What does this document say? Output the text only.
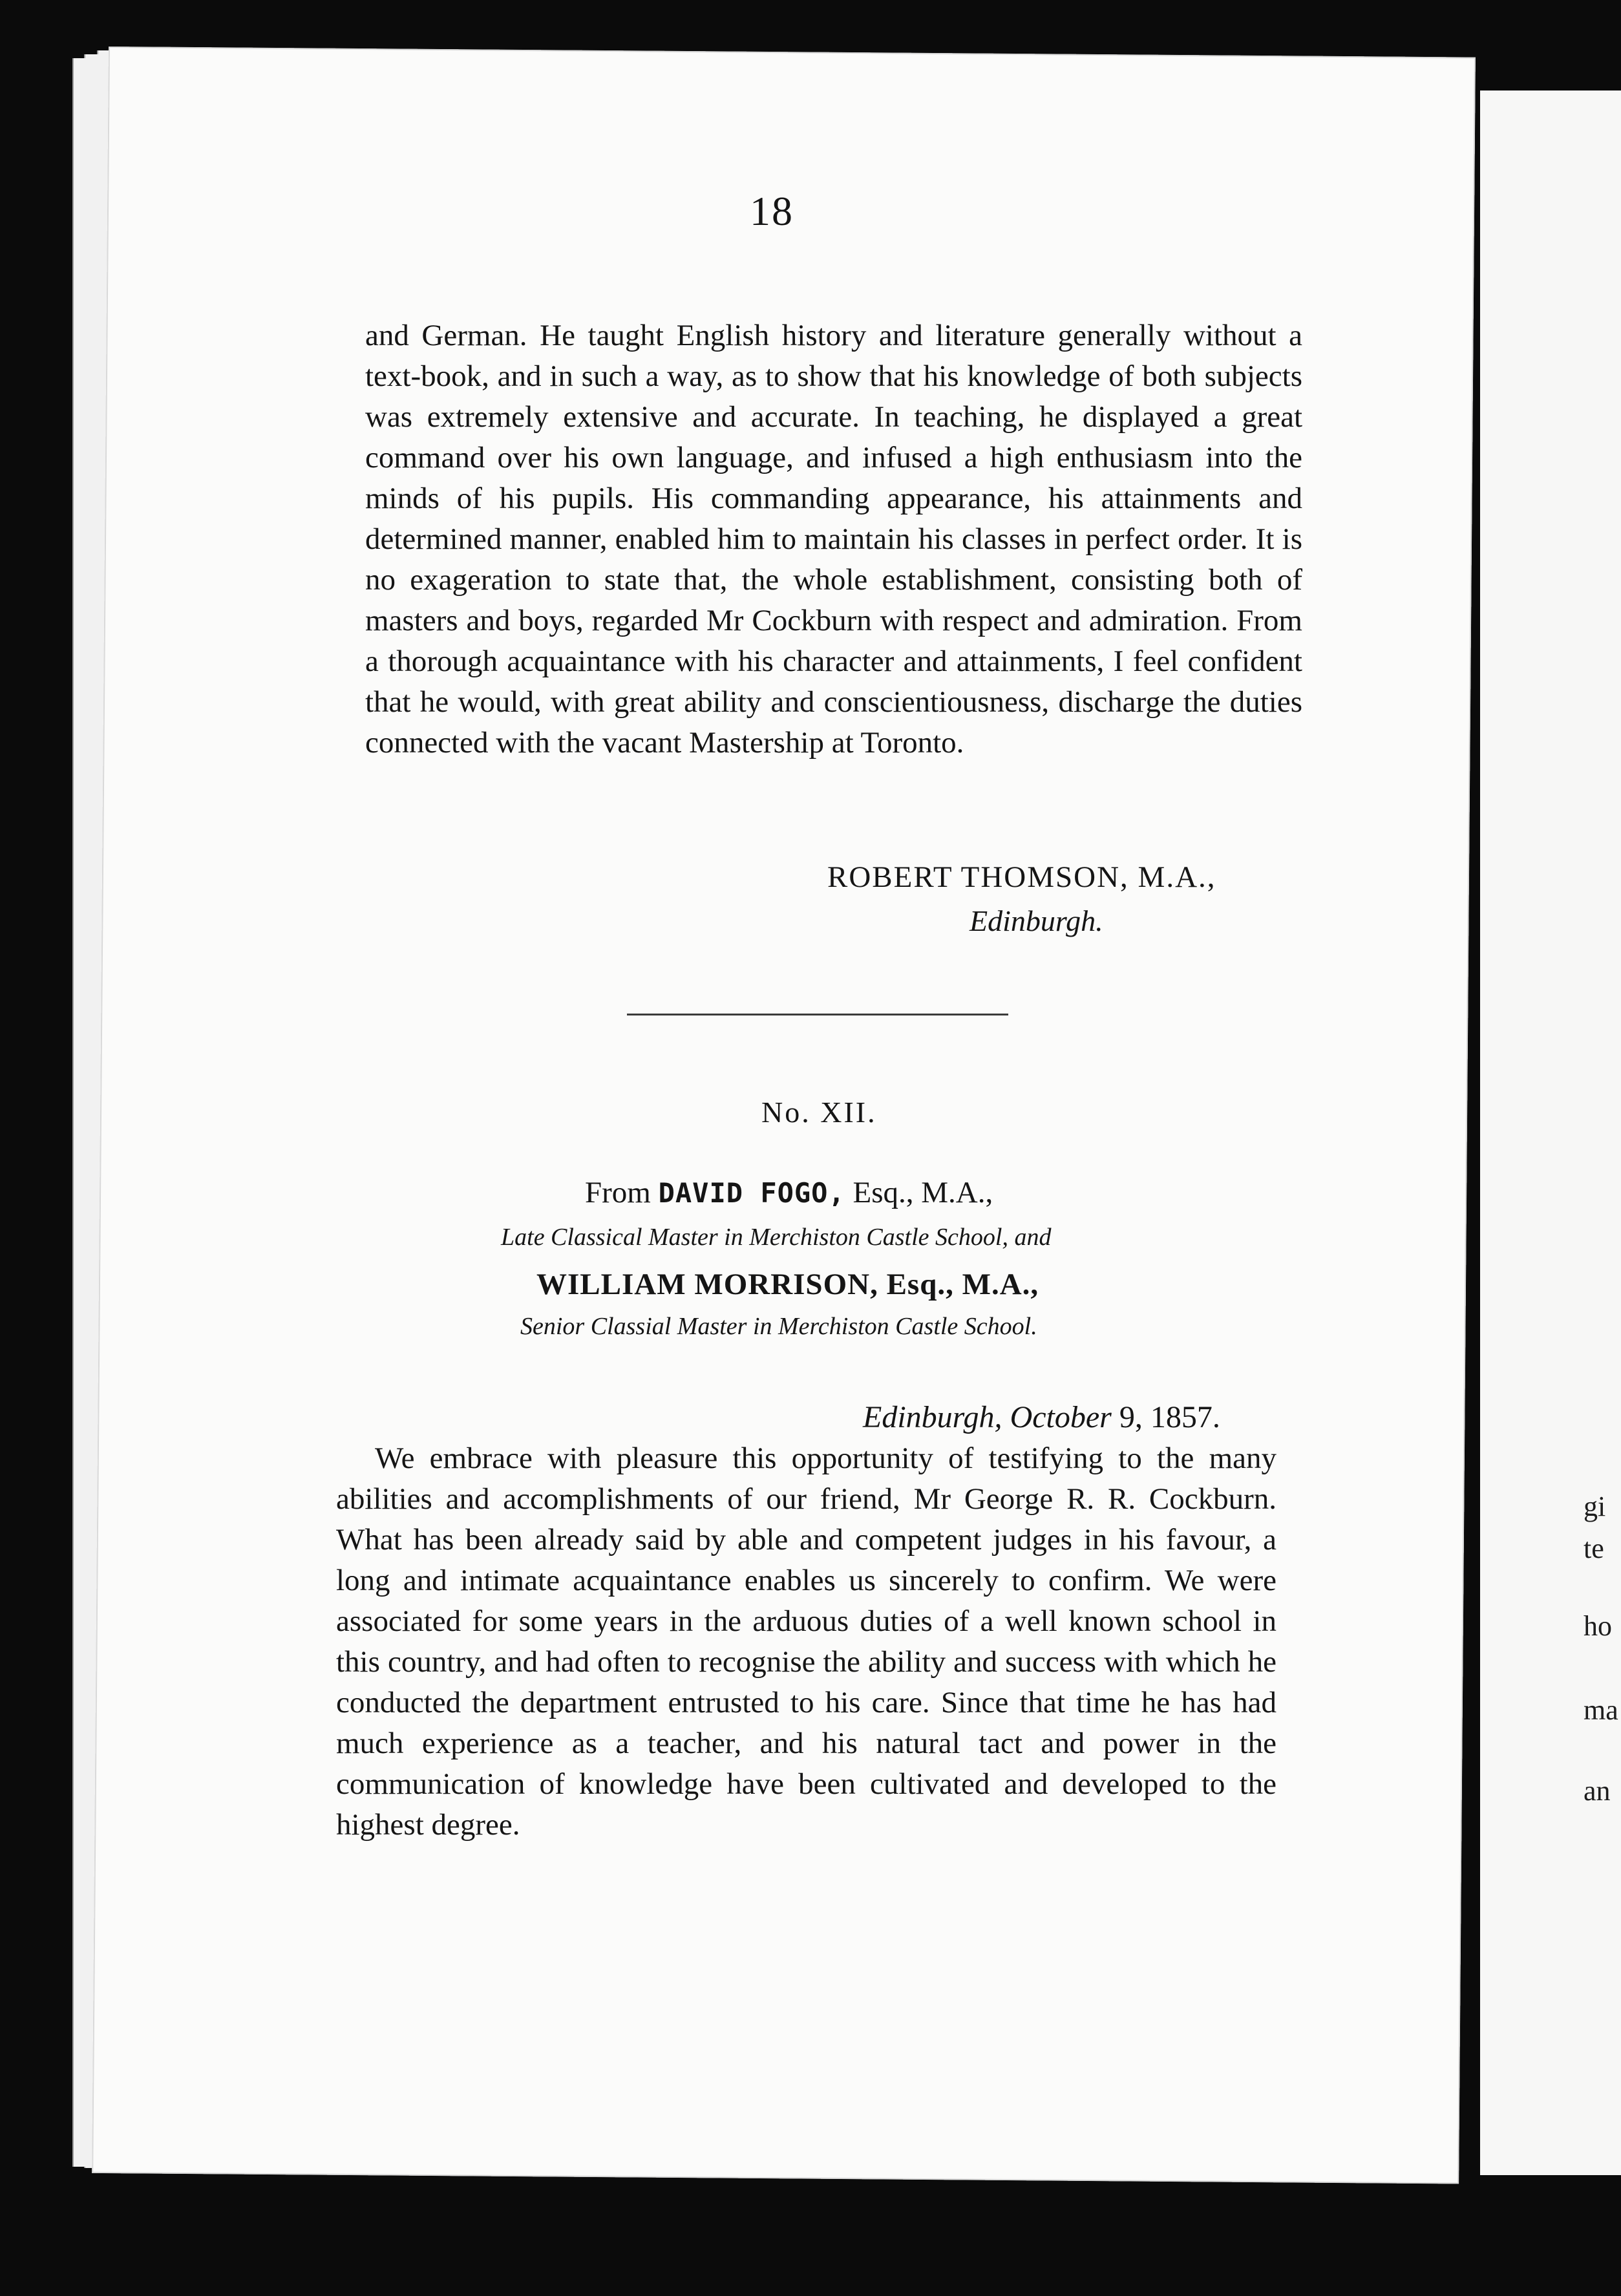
gi
te
ho
ma
an
18

and German. He taught English history and literature generally without a text-book, and in such a way, as to show that his knowledge of both subjects was extremely extensive and accurate. In teaching, he displayed a great command over his own language, and infused a high enthusiasm into the minds of his pupils. His commanding appearance, his attainments and determined manner, enabled him to maintain his classes in perfect order. It is no exageration to state that, the whole establishment, consisting both of masters and boys, regarded Mr Cockburn with respect and admiration. From a thorough acquaintance with his character and attainments, I feel confident that he would, with great ability and conscientiousness, discharge the duties connected with the vacant Mastership at Toronto.

ROBERT THOMSON, M.A.,
Edinburgh.
No. XII.
From DAVID FOGO, Esq., M.A.,
Late Classical Master in Merchiston Castle School, and
WILLIAM MORRISON, Esq., M.A.,
Senior Classial Master in Merchiston Castle School.
Edinburgh, October 9, 1857.

We embrace with pleasure this opportunity of testifying to the many abilities and accomplishments of our friend, Mr George R. R. Cockburn. What has been already said by able and competent judges in his favour, a long and intimate acquaintance enables us sincerely to confirm. We were associated for some years in the arduous duties of a well known school in this country, and had often to recognise the ability and success with which he conducted the department entrusted to his care. Since that time he has had much experience as a teacher, and his natural tact and power in the communication of knowledge have been cultivated and developed to the highest degree.
